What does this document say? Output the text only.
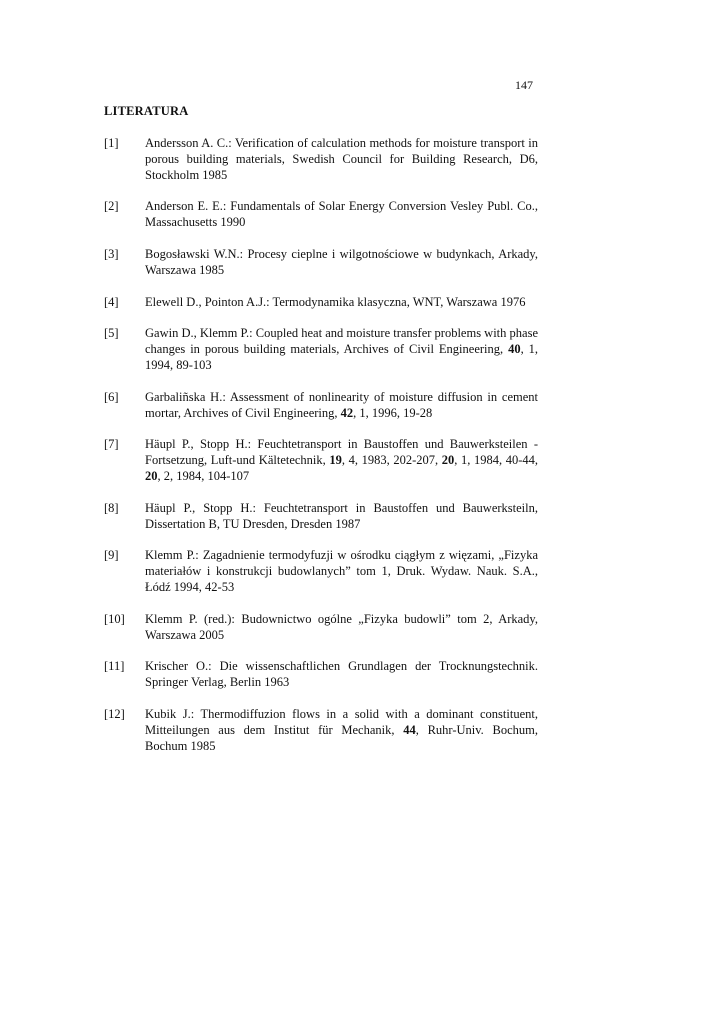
147
LITERATURA
[1]	Andersson A. C.: Verification of calculation methods for moisture transport in porous building materials, Swedish Council for Building Research, D6, Stockholm 1985
[2]	Anderson E. E.: Fundamentals of Solar Energy Conversion Vesley Publ. Co., Massachusetts 1990
[3]	Bogosławski W.N.: Procesy cieplne i wilgotnościowe w budynkach, Arkady, Warszawa 1985
[4]	Elewell D., Pointon A.J.: Termodynamika klasyczna, WNT, Warszawa 1976
[5]	Gawin D., Klemm P.: Coupled heat and moisture transfer problems with phase changes in porous building materials, Archives of Civil Engineering, 40, 1, 1994, 89-103
[6]	Garbaliñska H.: Assessment of nonlinearity of moisture diffusion in cement mortar, Archives of Civil Engineering, 42, 1, 1996, 19-28
[7]	Häupl P., Stopp H.: Feuchtetransport in Baustoffen und Bauwerksteilen - Fortsetzung, Luft-und Kältetechnik, 19, 4, 1983, 202-207, 20, 1, 1984, 40-44, 20, 2, 1984, 104-107
[8]	Häupl P., Stopp H.: Feuchtetransport in Baustoffen und Bauwerksteiln, Dissertation B, TU Dresden, Dresden 1987
[9]	Klemm P.: Zagadnienie termodyfuzji w ośrodku ciągłym z więzami, „Fizyka materiałów i konstrukcji budowlanych” tom 1, Druk. Wydaw. Nauk. S.A., Łódź 1994, 42-53
[10]	Klemm P. (red.): Budownictwo ogólne „Fizyka budowli” tom 2, Arkady, Warszawa 2005
[11]	Krischer O.: Die wissenschaftlichen Grundlagen der Trocknungstechnik. Springer Verlag, Berlin 1963
[12]	Kubik J.: Thermodiffuzion flows in a solid with a dominant constituent, Mitteilungen aus dem Institut für Mechanik, 44, Ruhr-Univ. Bochum, Bochum 1985
